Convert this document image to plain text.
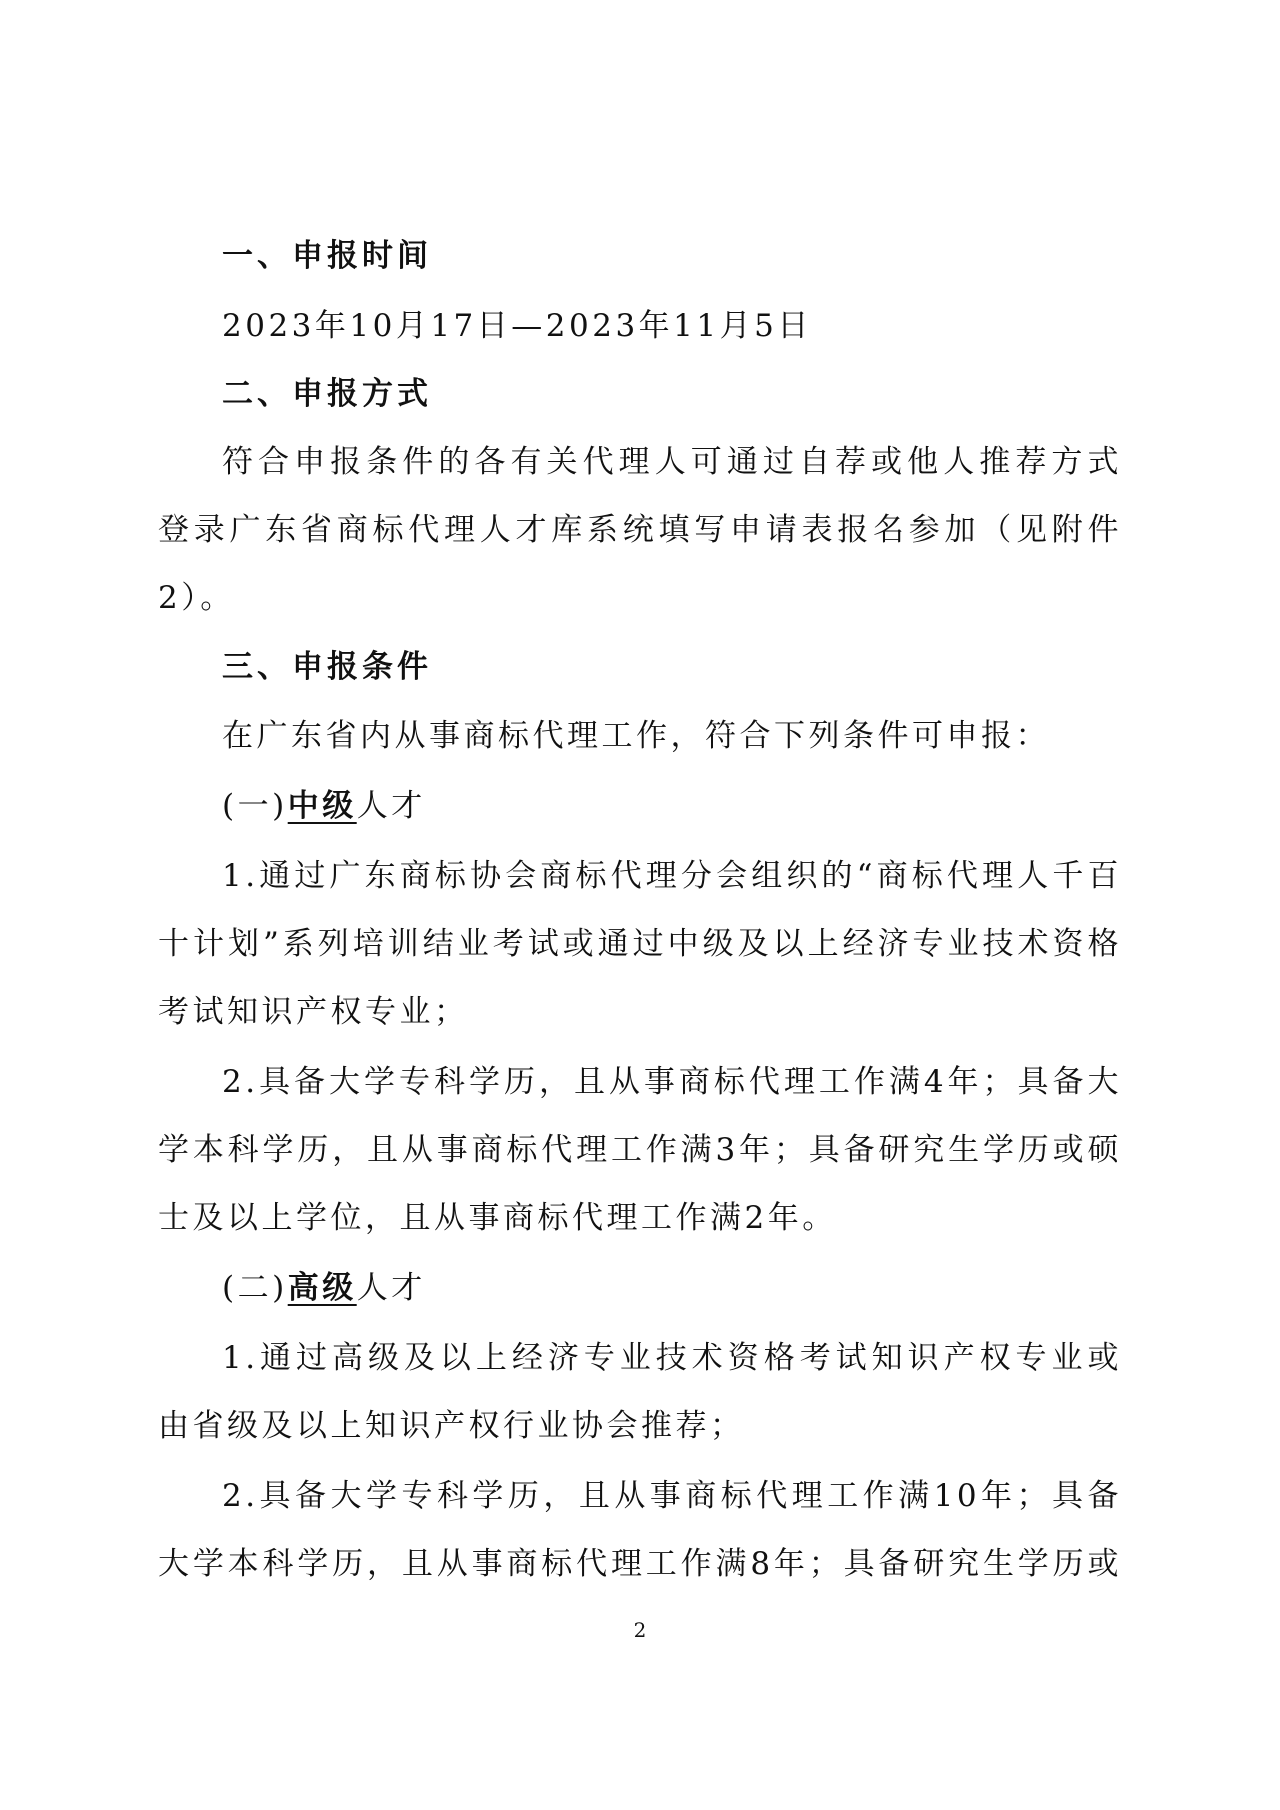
一、申报时间
2023年10月17日—2023年11月5日
二、申报方式
符合申报条件的各有关代理人可通过自荐或他人推荐方式
登录广东省商标代理人才库系统填写申请表报名参加（见附件
2）。
三、申报条件
在广东省内从事商标代理工作，符合下列条件可申报：
(一)中级人才
1.通过广东商标协会商标代理分会组织的“商标代理人千百
十计划”系列培训结业考试或通过中级及以上经济专业技术资格
考试知识产权专业；
2.具备大学专科学历，且从事商标代理工作满4年；具备大
学本科学历，且从事商标代理工作满3年；具备研究生学历或硕
士及以上学位，且从事商标代理工作满2年。
(二)高级人才
1.通过高级及以上经济专业技术资格考试知识产权专业或
由省级及以上知识产权行业协会推荐；
2.具备大学专科学历，且从事商标代理工作满10年；具备
大学本科学历，且从事商标代理工作满8年；具备研究生学历或
2
